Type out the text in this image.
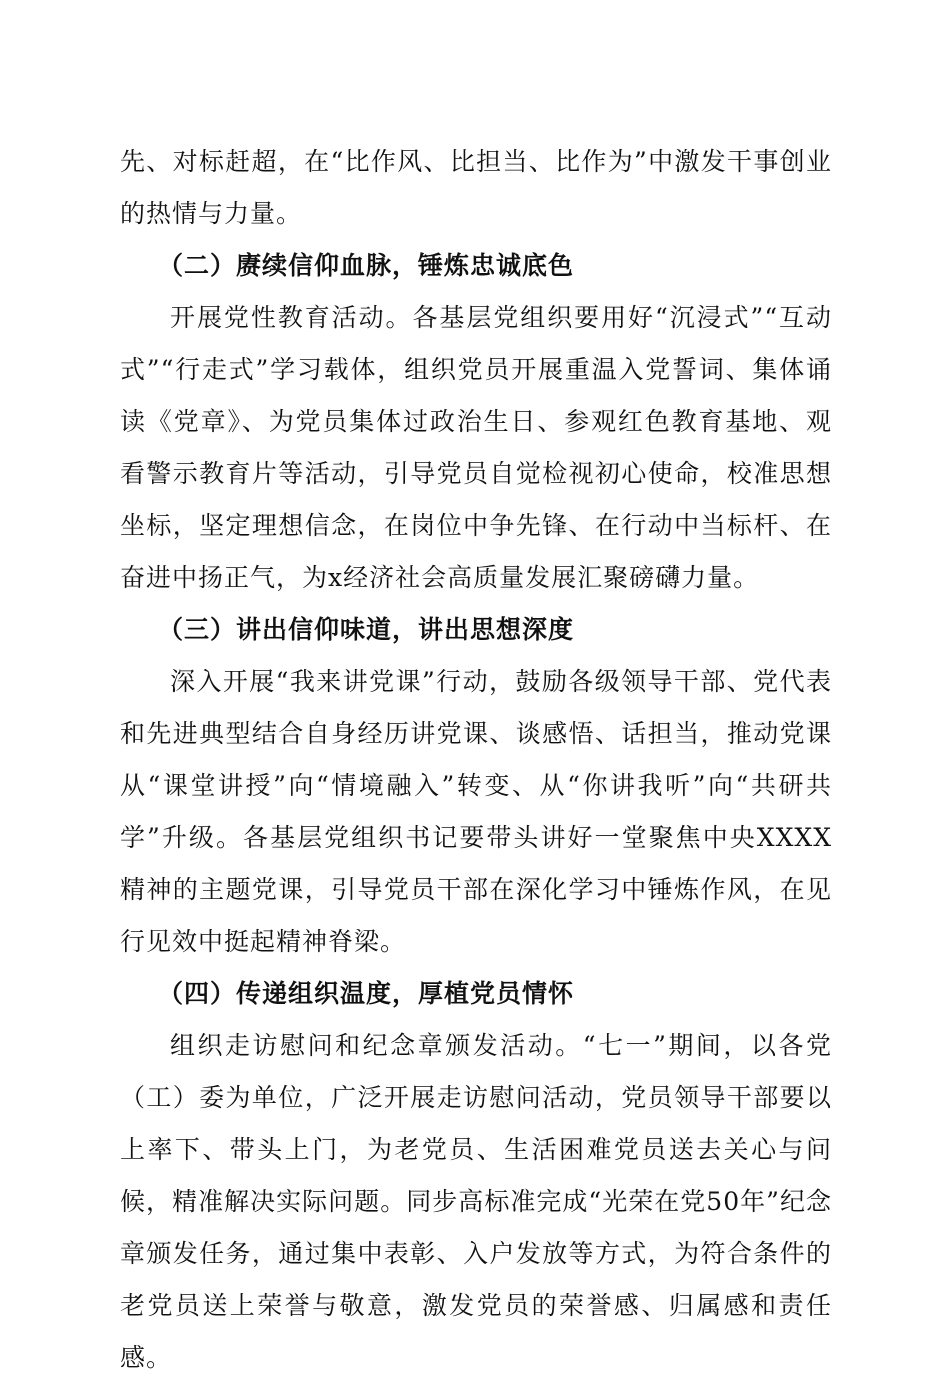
先、对标赶超，在“比作风、比担当、比作为”中激发干事创业的热情与力量。

（二）赓续信仰血脉，锤炼忠诚底色

开展党性教育活动。各基层党组织要用好“沉浸式”“互动式”“行走式”学习载体，组织党员开展重温入党誓词、集体诵读《党章》、为党员集体过政治生日、参观红色教育基地、观看警示教育片等活动，引导党员自觉检视初心使命，校准思想坐标，坚定理想信念，在岗位中争先锋、在行动中当标杆、在奋进中扬正气，为x经济社会高质量发展汇聚磅礴力量。

（三）讲出信仰味道，讲出思想深度

深入开展“我来讲党课”行动，鼓励各级领导干部、党代表和先进典型结合自身经历讲党课、谈感悟、话担当，推动党课从“课堂讲授”向“情境融入”转变、从“你讲我听”向“共研共学”升级。各基层党组织书记要带头讲好一堂聚焦中央XXXX精神的主题党课，引导党员干部在深化学习中锤炼作风，在见行见效中挺起精神脊梁。

（四）传递组织温度，厚植党员情怀

组织走访慰问和纪念章颁发活动。“七一”期间，以各党（工）委为单位，广泛开展走访慰问活动，党员领导干部要以上率下、带头上门，为老党员、生活困难党员送去关心与问候，精准解决实际问题。同步高标准完成“光荣在党50年”纪念章颁发任务，通过集中表彰、入户发放等方式，为符合条件的老党员送上荣誉与敬意，激发党员的荣誉感、归属感和责任感。
